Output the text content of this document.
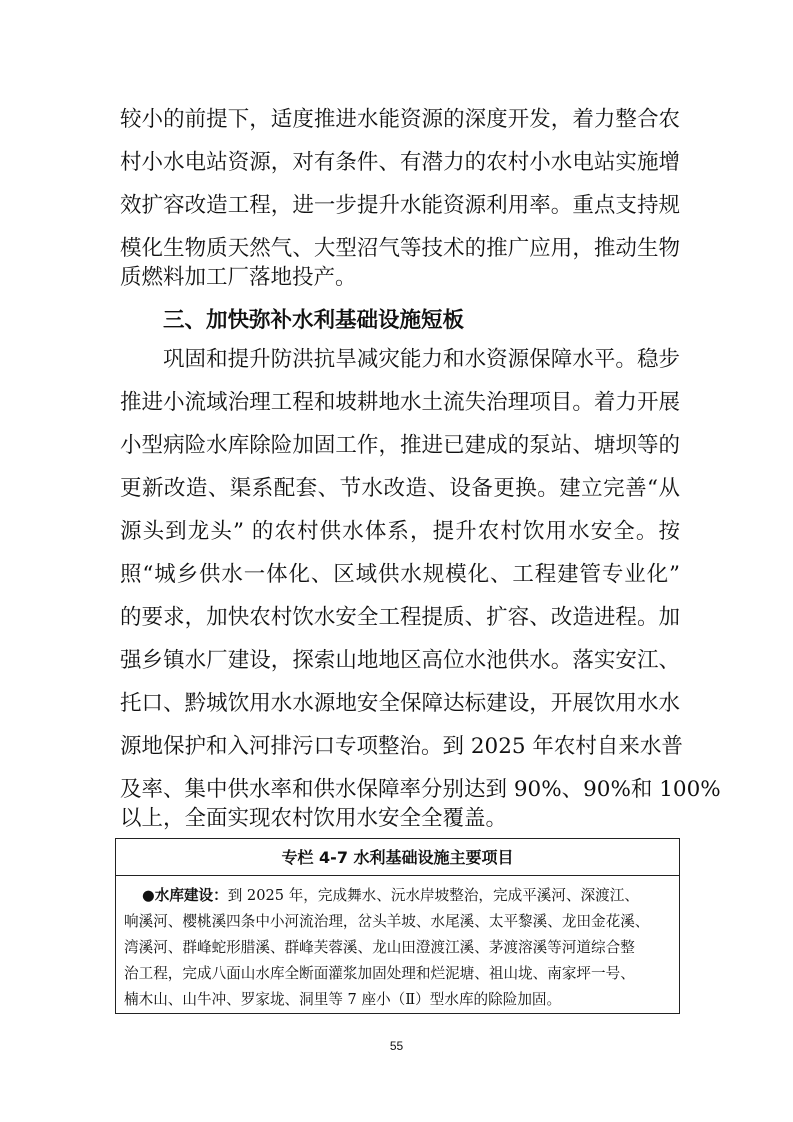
较小的前提下，适度推进水能资源的深度开发，着力整合农
村小水电站资源，对有条件、有潜力的农村小水电站实施增
效扩容改造工程，进一步提升水能资源利用率。重点支持规
模化生物质天然气、大型沼气等技术的推广应用，推动生物
质燃料加工厂落地投产。
三、加快弥补水利基础设施短板
巩固和提升防洪抗旱减灾能力和水资源保障水平。稳步
推进小流域治理工程和坡耕地水土流失治理项目。着力开展
小型病险水库除险加固工作，推进已建成的泵站、塘坝等的
更新改造、渠系配套、节水改造、设备更换。建立完善“从
源头到龙头” 的农村供水体系，提升农村饮用水安全。按
照“城乡供水一体化、区域供水规模化、工程建管专业化”
的要求，加快农村饮水安全工程提质、扩容、改造进程。加
强乡镇水厂建设，探索山地地区高位水池供水。落实安江、
托口、黔城饮用水水源地安全保障达标建设，开展饮用水水
源地保护和入河排污口专项整治。到 2025 年农村自来水普
及率、集中供水率和供水保障率分别达到 90%、90%和 100%
以上，全面实现农村饮用水安全全覆盖。
专栏 4-7 水利基础设施主要项目
●水库建设：到 2025 年，完成舞水、沅水岸坡整治，完成平溪河、深渡江、
响溪河、樱桃溪四条中小河流治理，岔头羊坡、水尾溪、太平黎溪、龙田金花溪、
湾溪河、群峰蛇形腊溪、群峰芙蓉溪、龙山田澄渡江溪、茅渡溶溪等河道综合整
治工程，完成八面山水库全断面灌浆加固处理和烂泥塘、祖山垅、南家坪一号、
楠木山、山牛冲、罗家垅、洞里等 7 座小（Ⅱ）型水库的除险加固。
55
